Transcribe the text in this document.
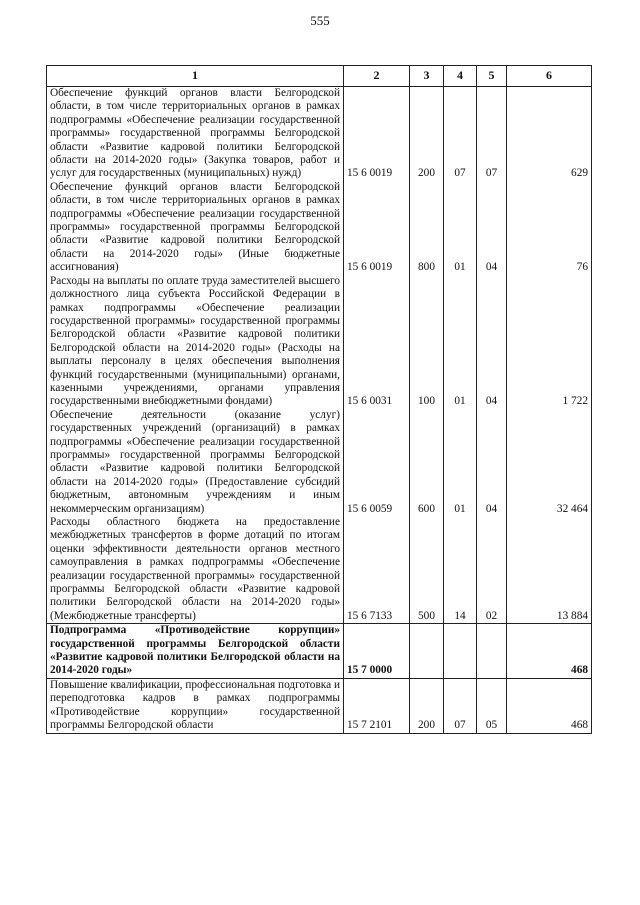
555
1	2	3	4	5	6
Обеспечение функций органов власти Белгородской области, в том числе территориальных органов в рамках подпрограммы «Обеспечение реализации государственной программы» государственной программы Белгородской области «Развитие кадровой политики Белгородской области на 2014-2020 годы» (Закупка товаров, работ и услуг для государственных (муниципальных) нужд)	15 6 0019	200	07	07	629
Обеспечение функций органов власти Белгородской области, в том числе территориальных органов в рамках подпрограммы «Обеспечение реализации государственной программы» государственной программы Белгородской области «Развитие кадровой политики Белгородской области на 2014-2020 годы» (Иные бюджетные ассигнования)	15 6 0019	800	01	04	76
Расходы на выплаты по оплате труда заместителей высшего должностного лица субъекта Российской Федерации в рамках подпрограммы «Обеспечение реализации государственной программы» государственной программы Белгородской области «Развитие кадровой политики Белгородской области на 2014-2020 годы» (Расходы на выплаты персоналу в целях обеспечения выполнения функций государственными (муниципальными) органами, казенными учреждениями, органами управления государственными внебюджетными фондами)	15 6 0031	100	01	04	1 722
Обеспечение деятельности (оказание услуг) государственных учреждений (организаций) в рамках подпрограммы «Обеспечение реализации государственной программы» государственной программы Белгородской области «Развитие кадровой политики Белгородской области на 2014-2020 годы» (Предоставление субсидий бюджетным, автономным учреждениям и иным некоммерческим организациям)	15 6 0059	600	01	04	32 464
Расходы областного бюджета на предоставление межбюджетных трансфертов в форме дотаций по итогам оценки эффективности деятельности органов местного самоуправления в рамках подпрограммы «Обеспечение реализации государственной программы» государственной программы Белгородской области «Развитие кадровой политики Белгородской области на 2014-2020 годы» (Межбюджетные трансферты)	15 6 7133	500	14	02	13 884
Подпрограмма «Противодействие коррупции» государственной программы Белгородской области «Развитие кадровой политики Белгородской области на 2014-2020 годы»	15 7 0000				468
Повышение квалификации, профессиональная подготовка и переподготовка кадров в рамках подпрограммы «Противодействие коррупции» государственной программы Белгородской области	15 7 2101	200	07	05	468
